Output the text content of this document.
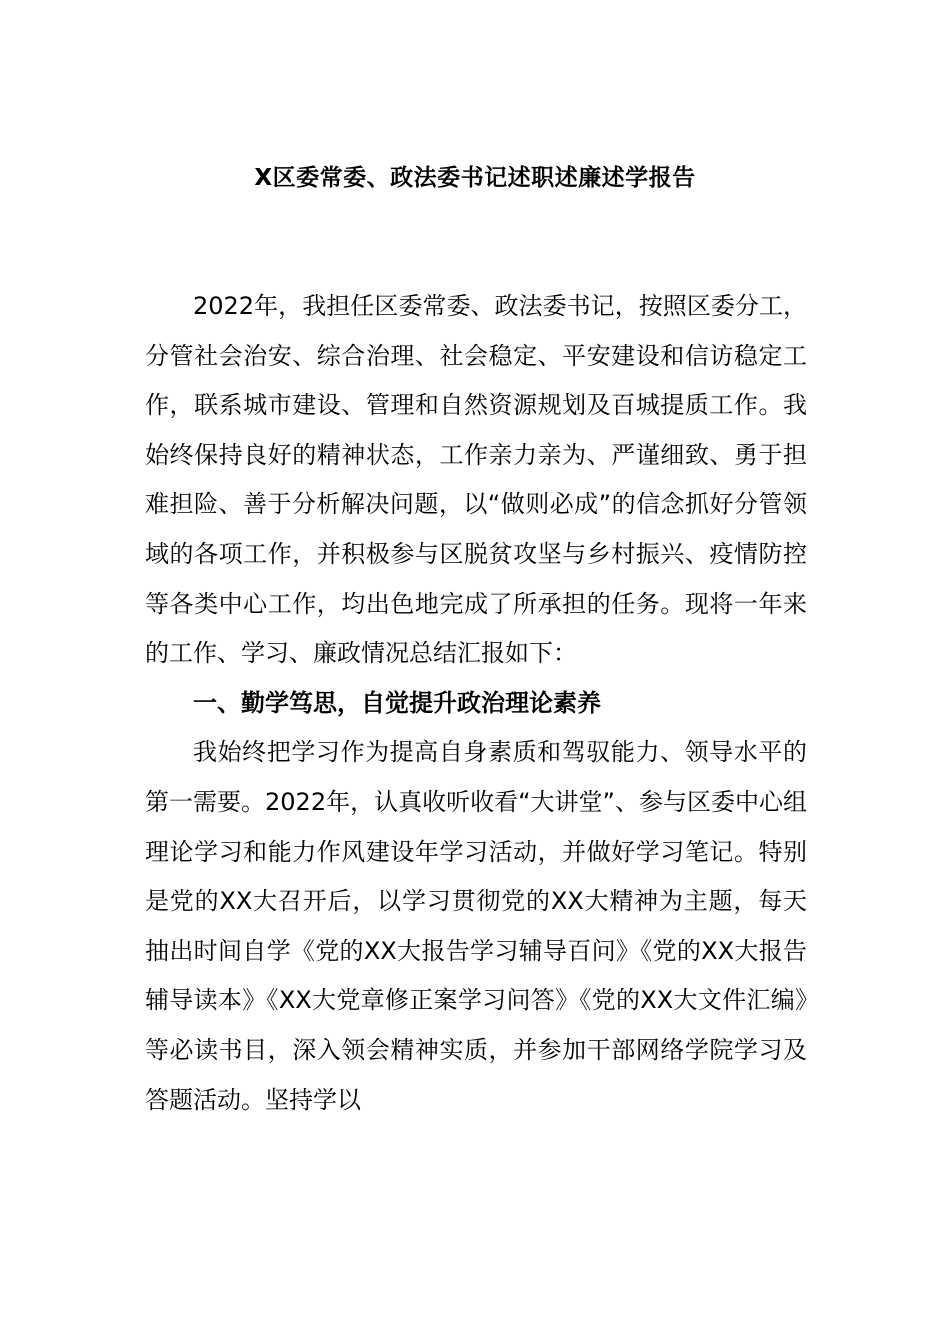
X区委常委、政法委书记述职述廉述学报告

2022年，我担任区委常委、政法委书记，按照区委分工，分管社会治安、综合治理、社会稳定、平安建设和信访稳定工作，联系城市建设、管理和自然资源规划及百城提质工作。我始终保持良好的精神状态，工作亲力亲为、严谨细致、勇于担难担险、善于分析解决问题，以“做则必成”的信念抓好分管领域的各项工作，并积极参与区脱贫攻坚与乡村振兴、疫情防控等各类中心工作，均出色地完成了所承担的任务。现将一年来的工作、学习、廉政情况总结汇报如下：

一、勤学笃思，自觉提升政治理论素养

我始终把学习作为提高自身素质和驾驭能力、领导水平的第一需要。2022年，认真收听收看“大讲堂”、参与区委中心组理论学习和能力作风建设年学习活动，并做好学习笔记。特别是党的XX大召开后，以学习贯彻党的XX大精神为主题，每天抽出时间自学《党的XX大报告学习辅导百问》《党的XX大报告辅导读本》《XX大党章修正案学习问答》《党的XX大文件汇编》等必读书目，深入领会精神实质，并参加干部网络学院学习及答题活动。坚持学以
